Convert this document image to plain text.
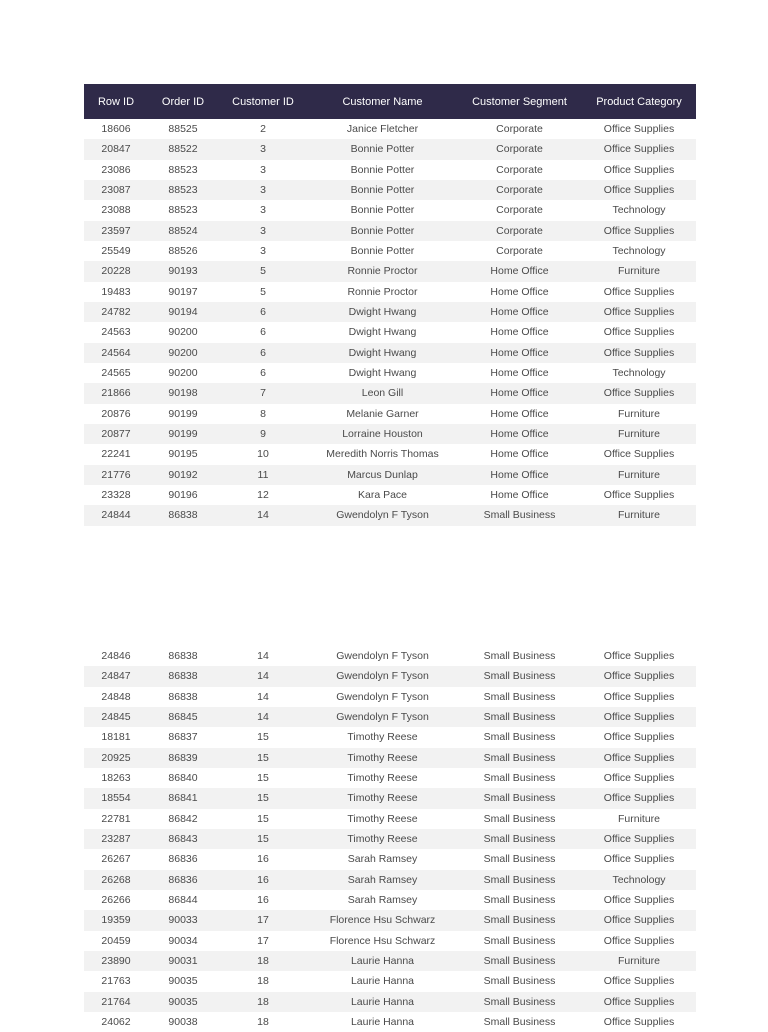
Row ID	Order ID	Customer ID	Customer Name	Customer Segment	Product Category
18606	88525	2	Janice Fletcher	Corporate	Office Supplies
20847	88522	3	Bonnie Potter	Corporate	Office Supplies
23086	88523	3	Bonnie Potter	Corporate	Office Supplies
23087	88523	3	Bonnie Potter	Corporate	Office Supplies
23088	88523	3	Bonnie Potter	Corporate	Technology
23597	88524	3	Bonnie Potter	Corporate	Office Supplies
25549	88526	3	Bonnie Potter	Corporate	Technology
20228	90193	5	Ronnie Proctor	Home Office	Furniture
19483	90197	5	Ronnie Proctor	Home Office	Office Supplies
24782	90194	6	Dwight Hwang	Home Office	Office Supplies
24563	90200	6	Dwight Hwang	Home Office	Office Supplies
24564	90200	6	Dwight Hwang	Home Office	Office Supplies
24565	90200	6	Dwight Hwang	Home Office	Technology
21866	90198	7	Leon Gill	Home Office	Office Supplies
20876	90199	8	Melanie Garner	Home Office	Furniture
20877	90199	9	Lorraine Houston	Home Office	Furniture
22241	90195	10	Meredith Norris Thomas	Home Office	Office Supplies
21776	90192	11	Marcus Dunlap	Home Office	Furniture
23328	90196	12	Kara Pace	Home Office	Office Supplies
24844	86838	14	Gwendolyn F Tyson	Small Business	Furniture
24846	86838	14	Gwendolyn F Tyson	Small Business	Office Supplies
24847	86838	14	Gwendolyn F Tyson	Small Business	Office Supplies
24848	86838	14	Gwendolyn F Tyson	Small Business	Office Supplies
24845	86845	14	Gwendolyn F Tyson	Small Business	Office Supplies
18181	86837	15	Timothy Reese	Small Business	Office Supplies
20925	86839	15	Timothy Reese	Small Business	Office Supplies
18263	86840	15	Timothy Reese	Small Business	Office Supplies
18554	86841	15	Timothy Reese	Small Business	Office Supplies
22781	86842	15	Timothy Reese	Small Business	Furniture
23287	86843	15	Timothy Reese	Small Business	Office Supplies
26267	86836	16	Sarah Ramsey	Small Business	Office Supplies
26268	86836	16	Sarah Ramsey	Small Business	Technology
26266	86844	16	Sarah Ramsey	Small Business	Office Supplies
19359	90033	17	Florence Hsu Schwarz	Small Business	Office Supplies
20459	90034	17	Florence Hsu Schwarz	Small Business	Office Supplies
23890	90031	18	Laurie Hanna	Small Business	Furniture
21763	90035	18	Laurie Hanna	Small Business	Office Supplies
21764	90035	18	Laurie Hanna	Small Business	Office Supplies
24062	90038	18	Laurie Hanna	Small Business	Office Supplies
